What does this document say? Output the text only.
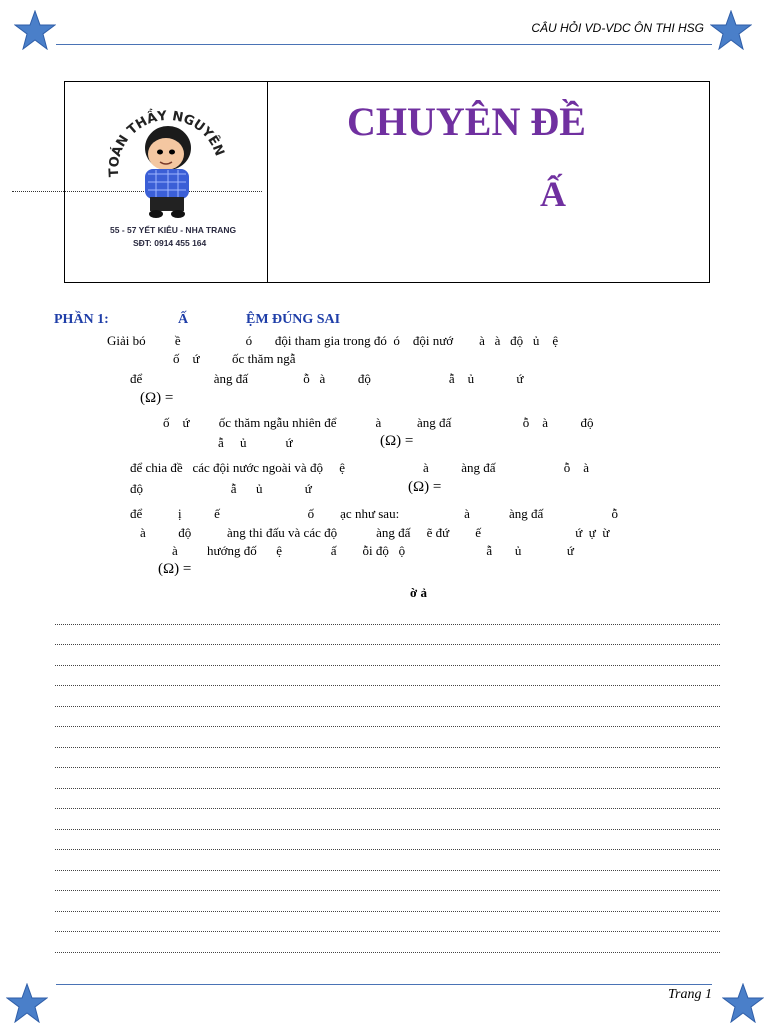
CÂU HỎI VD-VDC ÔN THI HSG
TOÁN THẦY NGUYÊN
55 - 57 YẾT KIÊU - NHA TRANG
SĐT: 0914 455 164
CHUYÊN ĐỀ
Ấ
PHẦN 1:	Ấ	ỆM ĐÚNG SAI
Giải bó         ề                    ó       đội tham gia trong đó  ó    đội nướ        à   à   độ   ủ    ệ
ố    ứ          ốc thăm ngẫ
để                      àng đấ                 ỗ   à          độ                        ẫ    ủ             ứ
(Ω) =
ố    ứ         ốc thăm ngẫu nhiên để            à           àng đấ                      ỗ    à          độ
ẫ     ủ            ứ	(Ω) =
để chia đề   các đội nước ngoài và độ     ệ                        à          àng đấ                     ỗ    à
độ                           ẫ      ủ             ứ	(Ω) =
để           ị          ế                           ố        ạc như sau:                    à            àng đấ                     ỗ
à          độ           àng thi đấu và các độ            àng đấ     ẽ đứ        ế                             ứ  ự  ừ
à         hướng đố      ệ               ấ        ỗi độ   ộ                         ẫ       ủ              ứ
(Ω) =
ờ ả
Trang 1
